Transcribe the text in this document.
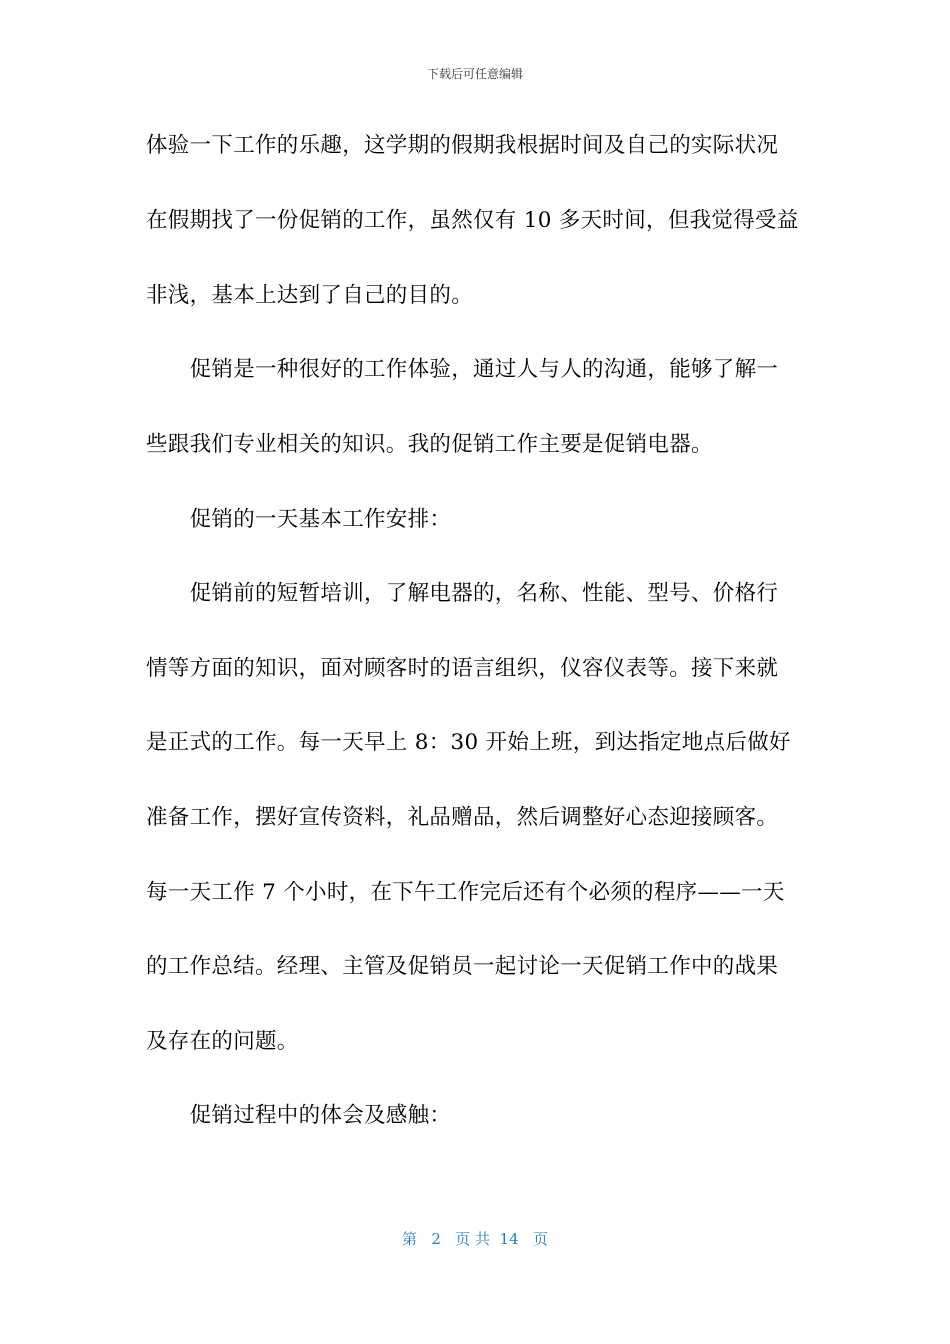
下载后可任意编辑
体验一下工作的乐趣，这学期的假期我根据时间及自己的实际状况
在假期找了一份促销的工作，虽然仅有 10 多天时间，但我觉得受益
非浅，基本上达到了自己的目的。
　　促销是一种很好的工作体验，通过人与人的沟通，能够了解一
些跟我们专业相关的知识。我的促销工作主要是促销电器。
　　促销的一天基本工作安排：
　　促销前的短暂培训，了解电器的，名称、性能、型号、价格行
情等方面的知识，面对顾客时的语言组织，仪容仪表等。接下来就
是正式的工作。每一天早上 8：30 开始上班，到达指定地点后做好
准备工作，摆好宣传资料，礼品赠品，然后调整好心态迎接顾客。
每一天工作 7 个小时，在下午工作完后还有个必须的程序——一天
的工作总结。经理、主管及促销员一起讨论一天促销工作中的战果
及存在的问题。
　　促销过程中的体会及感触：
第 2 页 共 14 页
